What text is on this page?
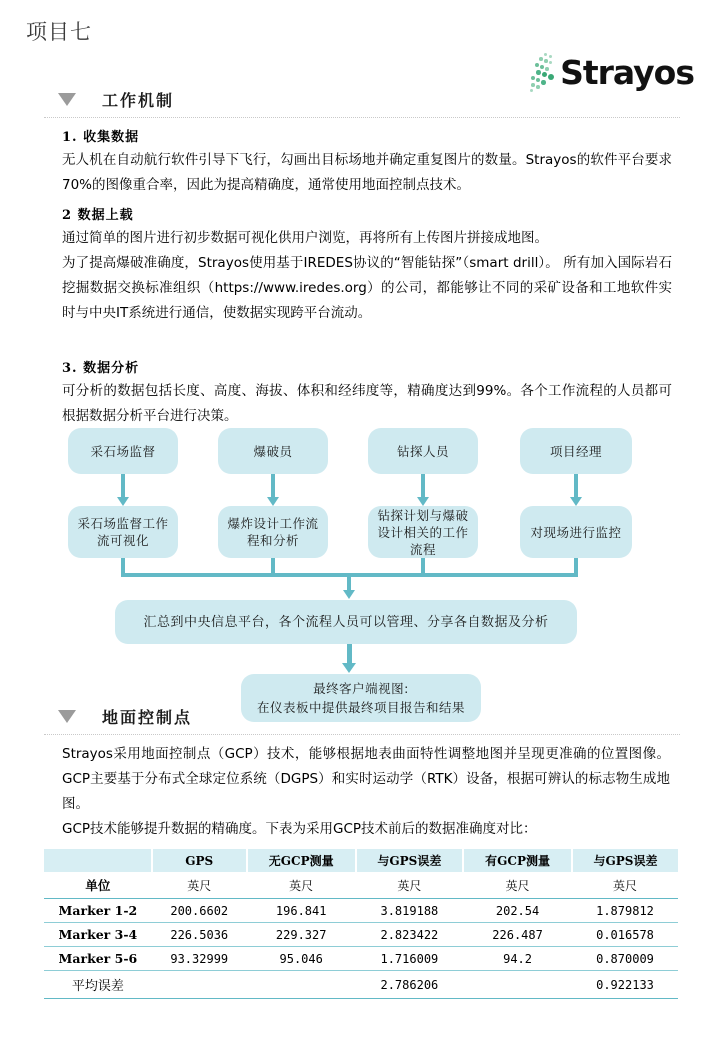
项目七
Strayos
工作机制

1. 收集数据

无人机在自动航行软件引导下飞行，勾画出目标场地并确定重复图片的数量。Strayos的软件平台要求70%的图像重合率，因此为提高精确度，通常使用地面控制点技术。

2 数据上载

通过简单的图片进行初步数据可视化供用户浏览，再将所有上传图片拼接成地图。

为了提高爆破准确度，Strayos使用基于IREDES协议的“智能钻探”（smart drill）。 所有加入国际岩石挖掘数据交换标准组织（https://www.iredes.org）的公司，都能够让不同的采矿设备和工地软件实时与中央IT系统进行通信，使数据实现跨平台流动。

3. 数据分析

可分析的数据包括长度、高度、海拔、体积和经纬度等，精确度达到99%。各个工作流程的人员都可根据数据分析平台进行决策。

采石场监督	爆破员	钻探人员	项目经理
采石场监督工作流可视化
爆炸设计工作流程和分析
钻探计划与爆破设计相关的工作流程
对现场进行监控
汇总到中央信息平台，各个流程人员可以管理、分享各自数据及分析
最终客户端视图:
在仪表板中提供最终项目报告和结果
地面控制点

Strayos采用地面控制点（GCP）技术，能够根据地表曲面特性调整地图并呈现更准确的位置图像。GCP主要基于分布式全球定位系统（DGPS）和实时运动学（RTK）设备，根据可辨认的标志物生成地图。

GCP技术能够提升数据的精确度。下表为采用GCP技术前后的数据准确度对比：

	GPS	无GCP测量	与GPS误差	有GCP测量	与GPS误差
单位	英尺	英尺	英尺	英尺	英尺
Marker 1-2	200.6602	196.841	3.819188	202.54	1.879812
Marker 3-4	226.5036	229.327	2.823422	226.487	0.016578
Marker 5-6	93.32999	95.046	1.716009	94.2	0.870009
平均误差			2.786206		0.922133
